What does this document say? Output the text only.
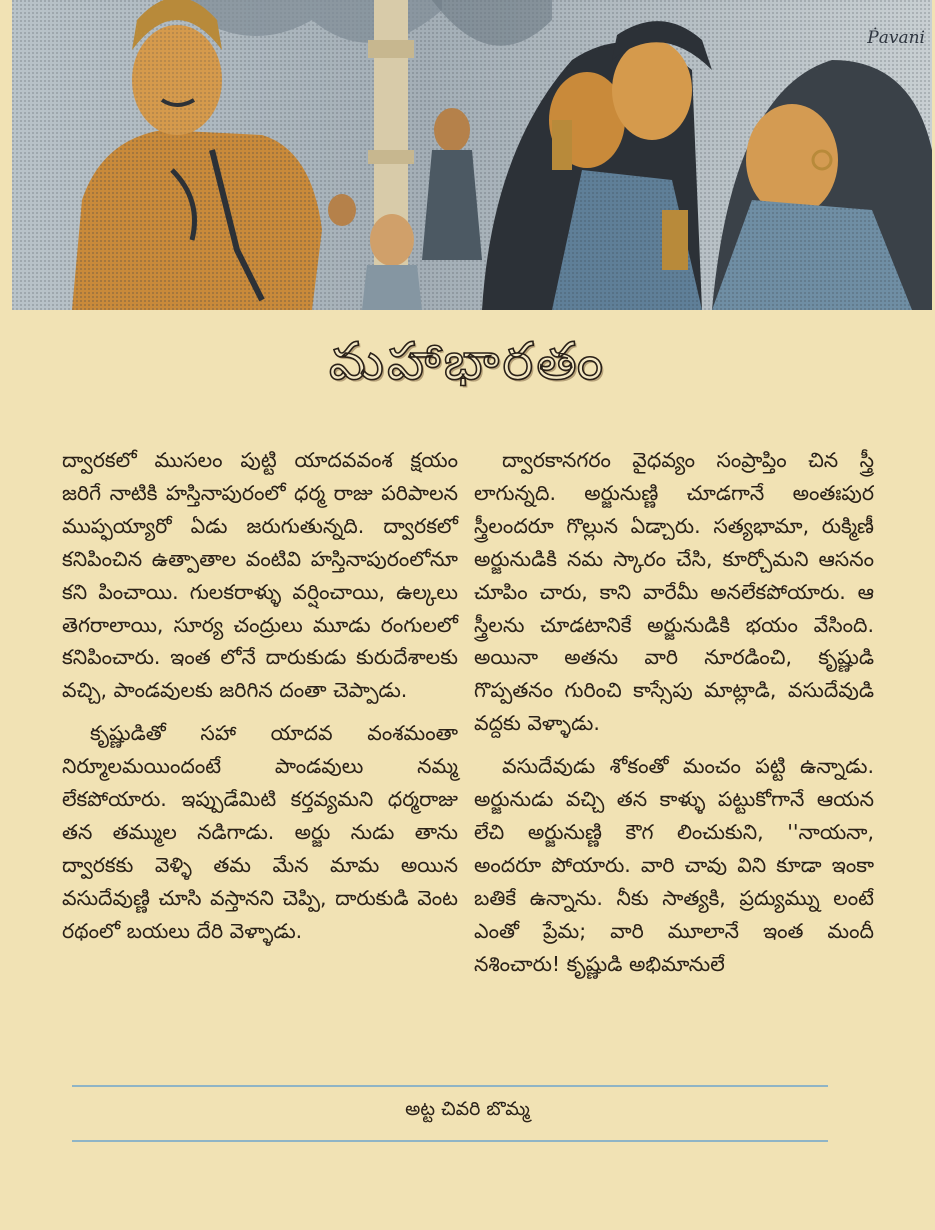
Ṗavani
మహాభారతం

ద్వారకలో ముసలం పుట్టి యాదవవంశ క్షయం జరిగే నాటికి హస్తినాపురంలో ధర్మ రాజు పరిపాలన ముప్ఫయ్యారో ఏడు జరుగుతున్నది. ద్వారకలో కనిపించిన ఉత్పాతాల వంటివి హస్తినాపురంలోనూ కని పించాయి. గులకరాళ్ళు వర్షించాయి, ఉల్కలు తెగరాలాయి, సూర్య చంద్రులు మూడు రంగులలో కనిపించారు. ఇంత లోనే దారుకుడు కురుదేశాలకు వచ్చి, పాండవులకు జరిగిన దంతా చెప్పాడు.

కృష్ణుడితో సహా యాదవ వంశమంతా నిర్మూలమయిందంటే పాండవులు నమ్మ లేకపోయారు. ఇప్పుడేమిటి కర్తవ్యమని ధర్మరాజు తన తమ్ముల నడిగాడు. అర్జు నుడు తాను ద్వారకకు వెళ్ళి తమ మేన మామ అయిన వసుదేవుణ్ణి చూసి వస్తానని చెప్పి, దారుకుడి వెంట రథంలో బయలు దేరి వెళ్ళాడు.

ద్వారకానగరం వైధవ్యం సంప్రాప్తిం చిన స్త్రీ లాగున్నది. అర్జునుణ్ణి చూడగానే అంతఃపుర స్త్రీలందరూ గొల్లున ఏడ్చారు. సత్యభామా, రుక్మిణీ అర్జునుడికి నమ స్కారం చేసి, కూర్చోమని ఆసనం చూపిం చారు, కాని వారేమీ అనలేకపోయారు. ఆ స్త్రీలను చూడటానికే అర్జునుడికి భయం వేసింది. అయినా అతను వారి నూరడించి, కృష్ణుడి గొప్పతనం గురించి కాస్సేపు మాట్లాడి, వసుదేవుడి వద్దకు వెళ్ళాడు.

వసుదేవుడు శోకంతో మంచం పట్టి ఉన్నాడు. అర్జునుడు వచ్చి తన కాళ్ళు పట్టుకోగానే ఆయన లేచి అర్జునుణ్ణి కౌగ లించుకుని, ''నాయనా, అందరూ పోయారు. వారి చావు విని కూడా ఇంకా బతికే ఉన్నాను. నీకు సాత్యకి, ప్రద్యుమ్ను లంటే ఎంతో ప్రేమ; వారి మూలానే ఇంత మందీ నశించారు! కృష్ణుడి అభిమానులే

అట్ట చివరి బొమ్మ
